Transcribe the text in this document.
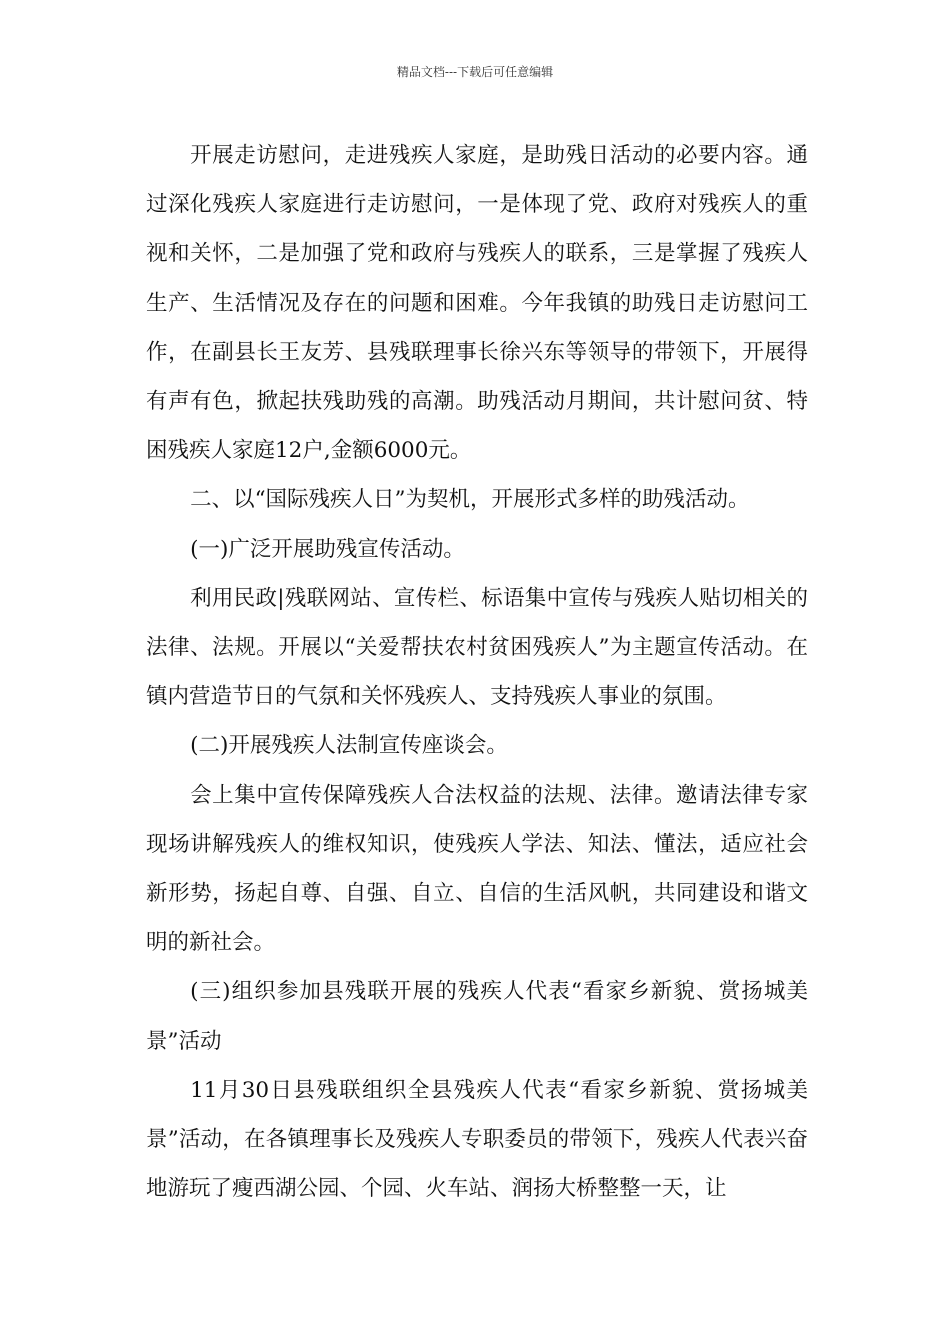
精品文档---下载后可任意编辑

开展走访慰问，走进残疾人家庭，是助残日活动的必要内容。通过深化残疾人家庭进行走访慰问，一是体现了党、政府对残疾人的重视和关怀，二是加强了党和政府与残疾人的联系，三是掌握了残疾人生产、生活情况及存在的问题和困难。今年我镇的助残日走访慰问工作，在副县长王友芳、县残联理事长徐兴东等领导的带领下，开展得有声有色，掀起扶残助残的高潮。助残活动月期间，共计慰问贫、特困残疾人家庭12户,金额6000元。

二、以“国际残疾人日”为契机，开展形式多样的助残活动。

(一)广泛开展助残宣传活动。

利用民政|残联网站、宣传栏、标语集中宣传与残疾人贴切相关的法律、法规。开展以“关爱帮扶农村贫困残疾人”为主题宣传活动。在镇内营造节日的气氛和关怀残疾人、支持残疾人事业的氛围。

(二)开展残疾人法制宣传座谈会。

会上集中宣传保障残疾人合法权益的法规、法律。邀请法律专家现场讲解残疾人的维权知识，使残疾人学法、知法、懂法，适应社会新形势，扬起自尊、自强、自立、自信的生活风帆，共同建设和谐文明的新社会。

(三)组织参加县残联开展的残疾人代表“看家乡新貌、赏扬城美景”活动

11月30日县残联组织全县残疾人代表“看家乡新貌、赏扬城美景”活动，在各镇理事长及残疾人专职委员的带领下，残疾人代表兴奋地游玩了瘦西湖公园、个园、火车站、润扬大桥整整一天，让
